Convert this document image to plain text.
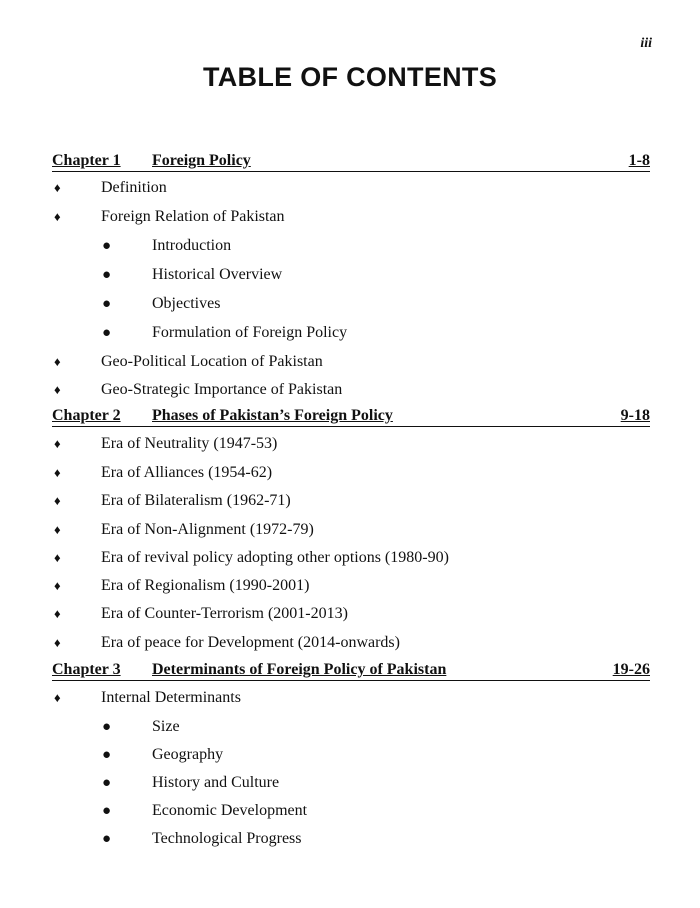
iii
TABLE OF CONTENTS
Chapter 1 Foreign Policy	1-8
♦	Definition
♦	Foreign Relation of Pakistan
●	Introduction
●	Historical Overview
●	Objectives
●	Formulation of Foreign Policy
♦	Geo-Political Location of Pakistan
♦	Geo-Strategic Importance of Pakistan
Chapter 2 Phases of Pakistan’s Foreign Policy	9-18
♦	Era of Neutrality (1947-53)
♦	Era of Alliances (1954-62)
♦	Era of Bilateralism (1962-71)
♦	Era of Non-Alignment (1972-79)
♦	Era of revival policy adopting other options (1980-90)
♦	Era of Regionalism (1990-2001)
♦	Era of Counter-Terrorism (2001-2013)
♦	Era of peace for Development (2014-onwards)
Chapter 3 Determinants of Foreign Policy of Pakistan	19-26
♦	Internal Determinants
●	Size
●	Geography
●	History and Culture
●	Economic Development
●	Technological Progress
